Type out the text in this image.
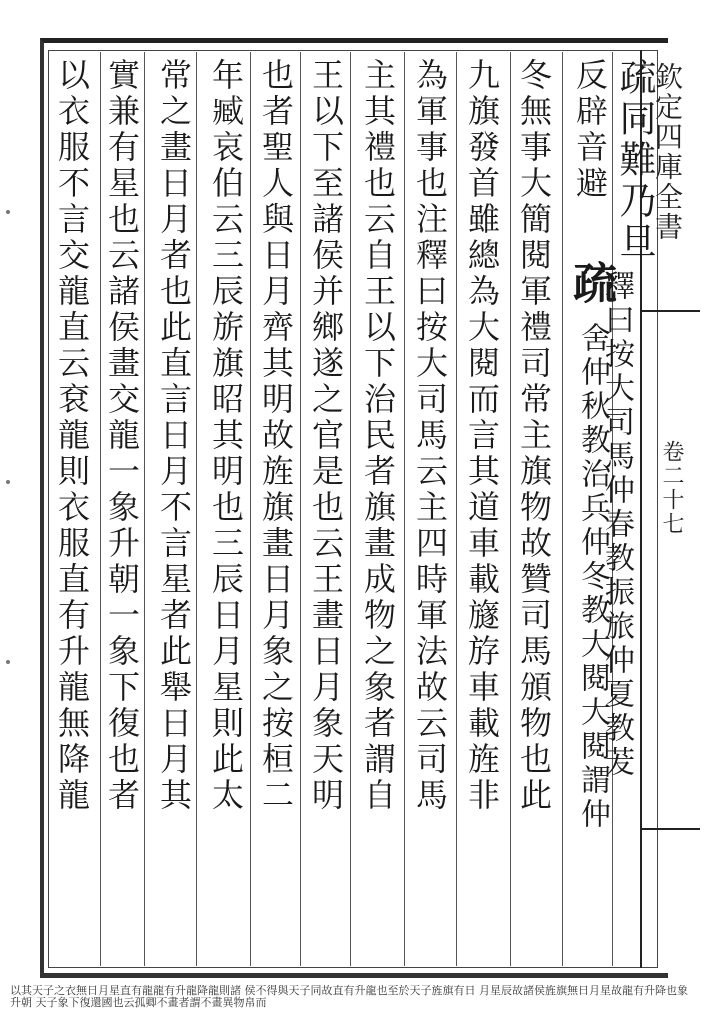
欽定四庫全書
卷二十七
疏同難乃旦
釋曰按大司馬仲春教振旅仲夏教茇
反辟音避
疏
舍仲秋教治兵仲冬教大閱大閱謂仲
冬無事大簡閱軍禮司常主旗物故贊司馬頒物也此
九旗發首雖總為大閱而言其道車載旞斿車載旌非
為軍事也注釋曰按大司馬云主四時軍法故云司馬
主其禮也云自王以下治民者旗畫成物之象者謂自
王以下至諸侯并鄉遂之官是也云王畫日月象天明
也者聖人與日月齊其明故旌旗畫日月象之按桓二
年臧哀伯云三辰旂旗昭其明也三辰日月星則此太
常之畫日月者也此直言日月不言星者此舉日月其
實兼有星也云諸侯畫交龍一象升朝一象下復也者
以衣服不言交龍直云袞龍則衣服直有升龍無降龍
以其天子之衣無日月星直有龍龍有升龍降龍則諸 侯不得與天子同故直有升龍也至於天子旌旗有日 月星辰故諸侯旌旗無日月星故龍有升降也象升朝 天子象下復還國也云孤卿不畫者謂不畫異物帛而
